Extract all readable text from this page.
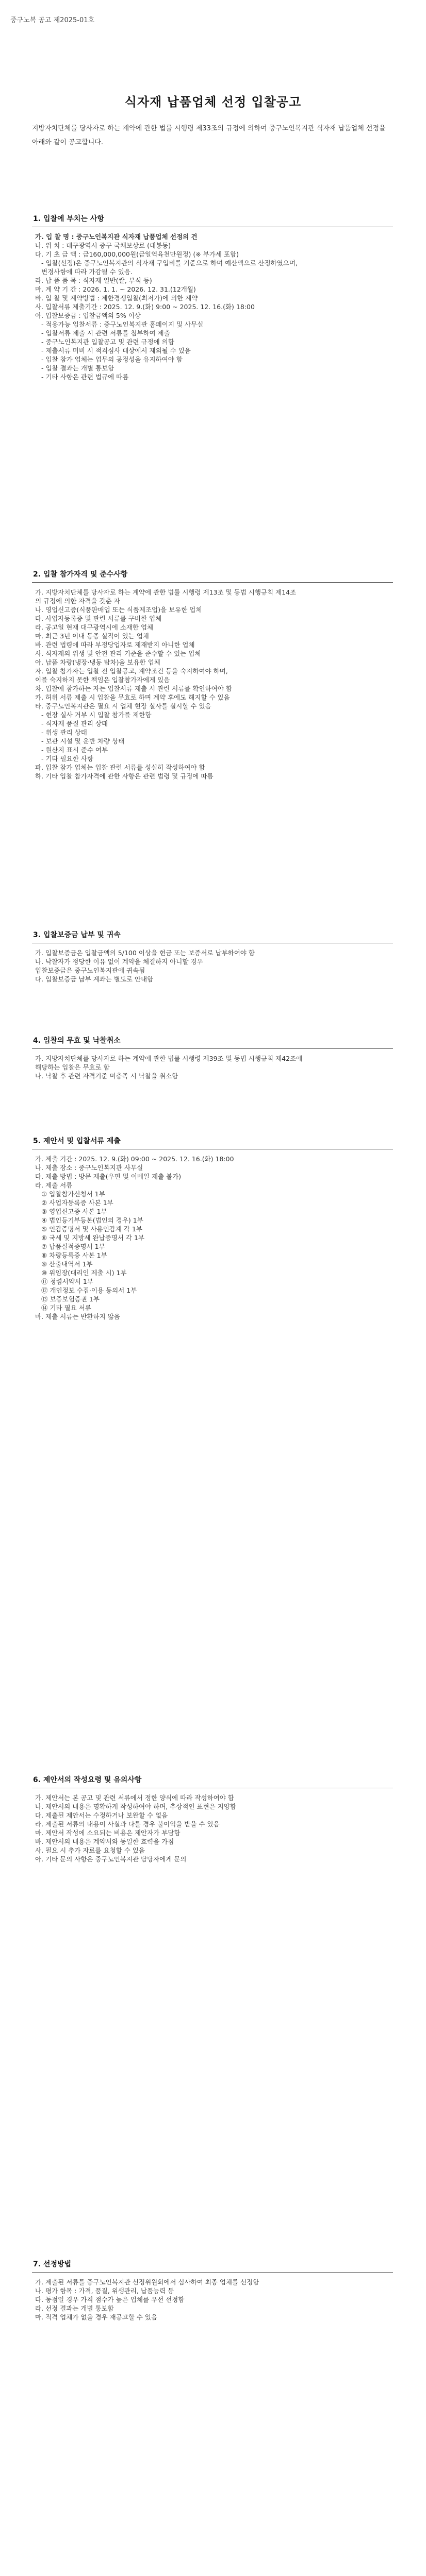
중구노복 공고 제2025-01호
식자재 납품업체 선정 입찰공고
지방자치단체를 당사자로 하는 계약에 관한 법률 시행령 제33조의 규정에 의하여 중구노인복지관 식자재 납품업체 선정을 아래와 같이 공고합니다.
1. 입찰에 부치는 사항
가. 입 찰 명 : 중구노인복지관 식자재 납품업체 선정의 건
나. 위 치 : 대구광역시 중구 국채보상로 (대봉동)
다. 기 초 금 액 : 금160,000,000원(금일억육천만원정) (※ 부가세 포함)
- 입찰(선정)은 중구노인복지관의 식자재 구입비를 기준으로 하며 예산액으로 산정하였으며,
변경사항에 따라 가감될 수 있음.
라. 납 품 품 목 : 식자재 일반(쌀, 부식 등)
마. 계 약 기 간 : 2026. 1. 1. ~ 2026. 12. 31.(12개월)
바. 입 찰 및 계약방법 : 제한경쟁입찰(최저가)에 의한 계약
사. 입찰서류 제출기간 : 2025. 12. 9.(화) 9:00 ~ 2025. 12. 16.(화) 18:00
아. 입찰보증금 : 입찰금액의 5% 이상
- 적용가능 입찰서류 : 중구노인복지관 홈페이지 및 사무실
- 입찰서류 제출 시 관련 서류를 첨부하여 제출
- 중구노인복지관 입찰공고 및 관련 규정에 의함
- 제출서류 미비 시 적격심사 대상에서 제외될 수 있음
- 입찰 참가 업체는 업무의 공정성을 유지하여야 함
- 입찰 결과는 개별 통보함
- 기타 사항은 관련 법규에 따름
2. 입찰 참가자격 및 준수사항
가. 지방자치단체를 당사자로 하는 계약에 관한 법률 시행령 제13조 및 동법 시행규칙 제14조
의 규정에 의한 자격을 갖춘 자
나. 영업신고증(식품판매업 또는 식품제조업)을 보유한 업체
다. 사업자등록증 및 관련 서류를 구비한 업체
라. 공고일 현재 대구광역시에 소재한 업체
마. 최근 3년 이내 동종 실적이 있는 업체
바. 관련 법령에 따라 부정당업자로 제재받지 아니한 업체
사. 식자재의 위생 및 안전 관리 기준을 준수할 수 있는 업체
아. 납품 차량(냉장·냉동 탑차)을 보유한 업체
자. 입찰 참가자는 입찰 전 입찰공고, 계약조건 등을 숙지하여야 하며,
이를 숙지하지 못한 책임은 입찰참가자에게 있음
차. 입찰에 참가하는 자는 입찰서류 제출 시 관련 서류를 확인하여야 함
카. 허위 서류 제출 시 입찰을 무효로 하며 계약 후에도 해지할 수 있음
타. 중구노인복지관은 필요 시 업체 현장 실사를 실시할 수 있음
- 현장 실사 거부 시 입찰 참가를 제한함
- 식자재 품질 관리 상태
- 위생 관리 상태
- 보관 시설 및 운반 차량 상태
- 원산지 표시 준수 여부
- 기타 필요한 사항
파. 입찰 참가 업체는 입찰 관련 서류를 성실히 작성하여야 함
하. 기타 입찰 참가자격에 관한 사항은 관련 법령 및 규정에 따름
3. 입찰보증금 납부 및 귀속
가. 입찰보증금은 입찰금액의 5/100 이상을 현금 또는 보증서로 납부하여야 함
나. 낙찰자가 정당한 이유 없이 계약을 체결하지 아니할 경우
입찰보증금은 중구노인복지관에 귀속됨
다. 입찰보증금 납부 계좌는 별도로 안내함
4. 입찰의 무효 및 낙찰취소
가. 지방자치단체를 당사자로 하는 계약에 관한 법률 시행령 제39조 및 동법 시행규칙 제42조에
해당하는 입찰은 무효로 함
나. 낙찰 후 관련 자격기준 미충족 시 낙찰을 취소함
5. 제안서 및 입찰서류 제출
가. 제출 기간 : 2025. 12. 9.(화) 09:00 ~ 2025. 12. 16.(화) 18:00
나. 제출 장소 : 중구노인복지관 사무실
다. 제출 방법 : 방문 제출(우편 및 이메일 제출 불가)
라. 제출 서류
① 입찰참가신청서 1부
② 사업자등록증 사본 1부
③ 영업신고증 사본 1부
④ 법인등기부등본(법인의 경우) 1부
⑤ 인감증명서 및 사용인감계 각 1부
⑥ 국세 및 지방세 완납증명서 각 1부
⑦ 납품실적증명서 1부
⑧ 차량등록증 사본 1부
⑨ 산출내역서 1부
⑩ 위임장(대리인 제출 시) 1부
⑪ 청렴서약서 1부
⑫ 개인정보 수집·이용 동의서 1부
⑬ 보증보험증권 1부
⑭ 기타 필요 서류
마. 제출 서류는 반환하지 않음
6. 제안서의 작성요령 및 유의사항
가. 제안서는 본 공고 및 관련 서류에서 정한 양식에 따라 작성하여야 함
나. 제안서의 내용은 명확하게 작성하여야 하며, 추상적인 표현은 지양함
다. 제출된 제안서는 수정하거나 보완할 수 없음
라. 제출된 서류의 내용이 사실과 다를 경우 불이익을 받을 수 있음
마. 제안서 작성에 소요되는 비용은 제안자가 부담함
바. 제안서의 내용은 계약서와 동일한 효력을 가짐
사. 필요 시 추가 자료를 요청할 수 있음
아. 기타 문의 사항은 중구노인복지관 담당자에게 문의
7. 선정방법
가. 제출된 서류를 중구노인복지관 선정위원회에서 심사하여 최종 업체를 선정함
나. 평가 항목 : 가격, 품질, 위생관리, 납품능력 등
다. 동점일 경우 가격 점수가 높은 업체를 우선 선정함
라. 선정 결과는 개별 통보함
마. 적격 업체가 없을 경우 재공고할 수 있음
